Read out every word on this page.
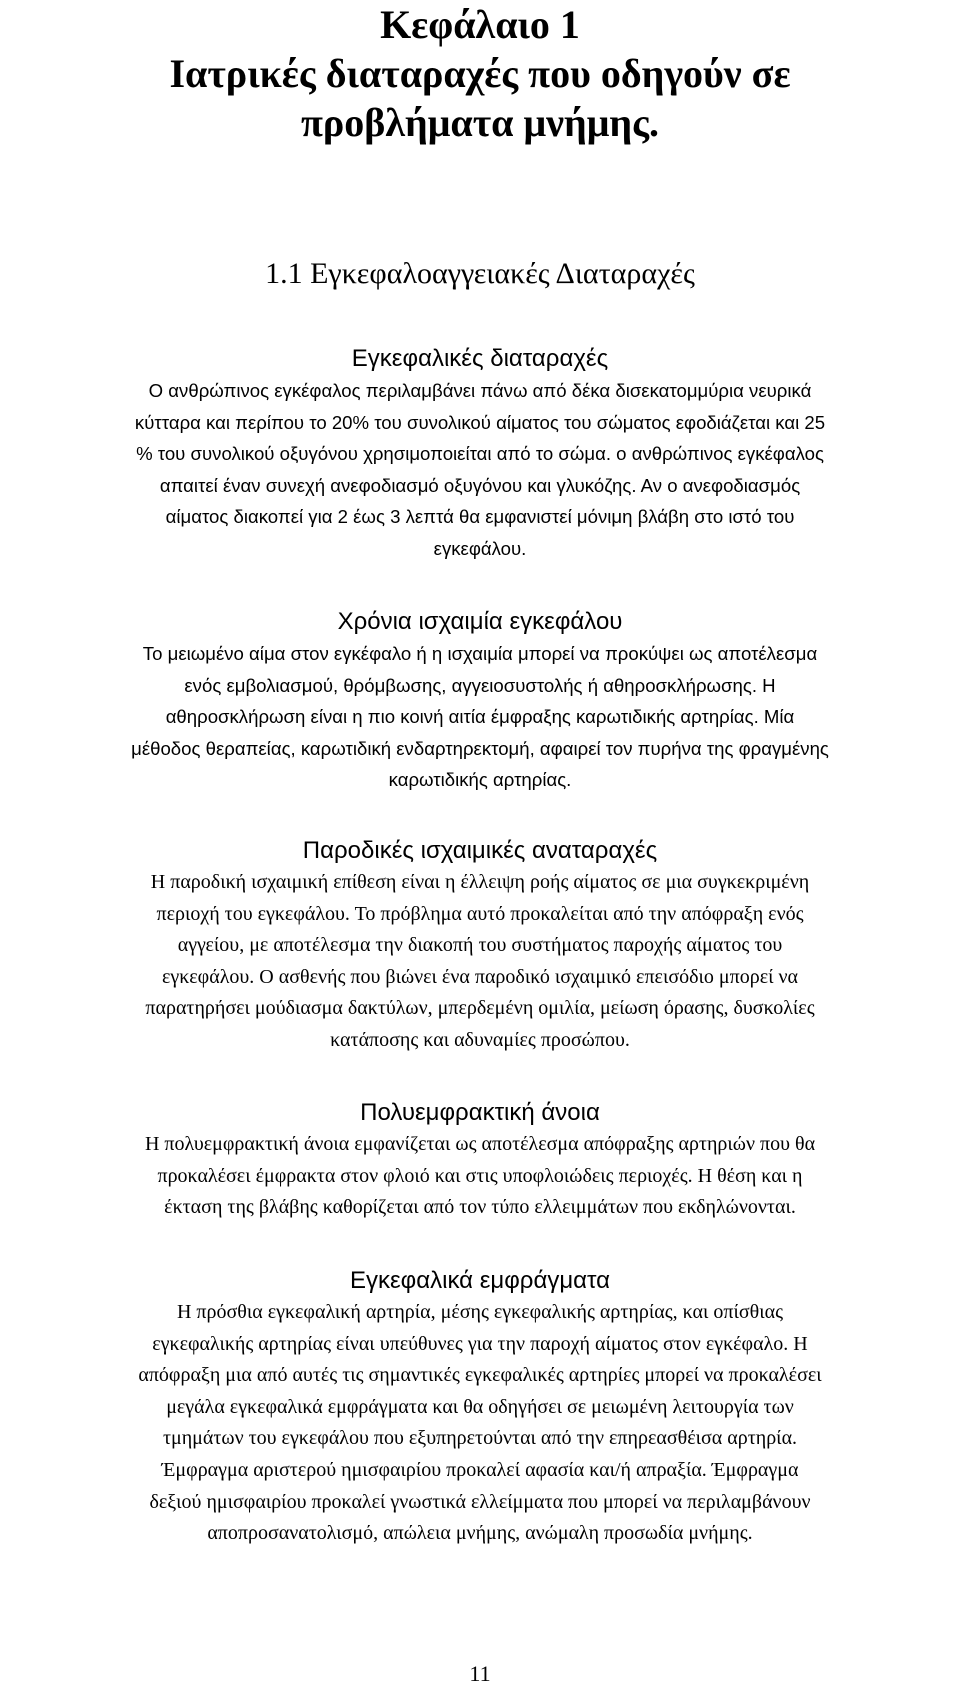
Κεφάλαιο 1
Ιατρικές διαταραχές που οδηγούν σε
προβλήματα μνήμης.
1.1 Εγκεφαλοαγγειακές Διαταραχές
Εγκεφαλικές διαταραχές

Ο ανθρώπινος εγκέφαλος περιλαμβάνει πάνω από δέκα δισεκατομμύρια νευρικά
κύτταρα και περίπου το 20% του συνολικού αίματος του σώματος εφοδιάζεται και 25
% του συνολικού οξυγόνου χρησιμοποιείται από το σώμα. ο ανθρώπινος εγκέφαλος
απαιτεί έναν συνεχή ανεφοδιασμό οξυγόνου και γλυκόζης. Αν ο ανεφοδιασμός
αίματος διακοπεί για 2 έως 3 λεπτά θα εμφανιστεί μόνιμη βλάβη στο ιστό του
εγκεφάλου.

Χρόνια ισχαιμία εγκεφάλου

Το μειωμένο αίμα στον εγκέφαλο ή η ισχαιμία μπορεί να προκύψει ως αποτέλεσμα
ενός εμβολιασμού, θρόμβωσης, αγγειοσυστολής ή αθηροσκλήρωσης. Η
αθηροσκλήρωση είναι η πιο κοινή αιτία έμφραξης καρωτιδικής αρτηρίας. Μία
μέθοδος θεραπείας, καρωτιδική ενδαρτηρεκτομή, αφαιρεί τον πυρήνα της φραγμένης
καρωτιδικής αρτηρίας.

Παροδικές ισχαιμικές αναταραχές

Η παροδική ισχαιμική επίθεση είναι η έλλειψη ροής αίματος σε μια συγκεκριμένη
περιοχή του εγκεφάλου. Το πρόβλημα αυτό προκαλείται από την απόφραξη ενός
αγγείου, με αποτέλεσμα την διακοπή του συστήματος παροχής αίματος του
εγκεφάλου. Ο ασθενής που βιώνει ένα παροδικό ισχαιμικό επεισόδιο μπορεί να
παρατηρήσει μούδιασμα δακτύλων, μπερδεμένη ομιλία, μείωση όρασης, δυσκολίες
κατάποσης και αδυναμίες προσώπου.

Πολυεμφρακτική άνοια

Η πολυεμφρακτική άνοια εμφανίζεται ως αποτέλεσμα απόφραξης αρτηριών που θα
προκαλέσει έμφρακτα στον φλοιό και στις υποφλοιώδεις περιοχές. Η θέση και η
έκταση της βλάβης καθορίζεται από τον τύπο ελλειμμάτων που εκδηλώνονται.

Εγκεφαλικά εμφράγματα

Η πρόσθια εγκεφαλική αρτηρία, μέσης εγκεφαλικής αρτηρίας, και οπίσθιας
εγκεφαλικής αρτηρίας είναι υπεύθυνες για την παροχή αίματος στον εγκέφαλο. Η
απόφραξη μια από αυτές τις σημαντικές εγκεφαλικές αρτηρίες μπορεί να προκαλέσει
μεγάλα εγκεφαλικά εμφράγματα και θα οδηγήσει σε μειωμένη λειτουργία των
τμημάτων του εγκεφάλου που εξυπηρετούνται από την επηρεασθέισα αρτηρία.
Έμφραγμα αριστερού ημισφαιρίου προκαλεί αφασία και/ή απραξία. Έμφραγμα
δεξιού ημισφαιρίου προκαλεί γνωστικά ελλείμματα που μπορεί να περιλαμβάνουν
αποπροσανατολισμό, απώλεια μνήμης, ανώμαλη προσωδία μνήμης.

11
